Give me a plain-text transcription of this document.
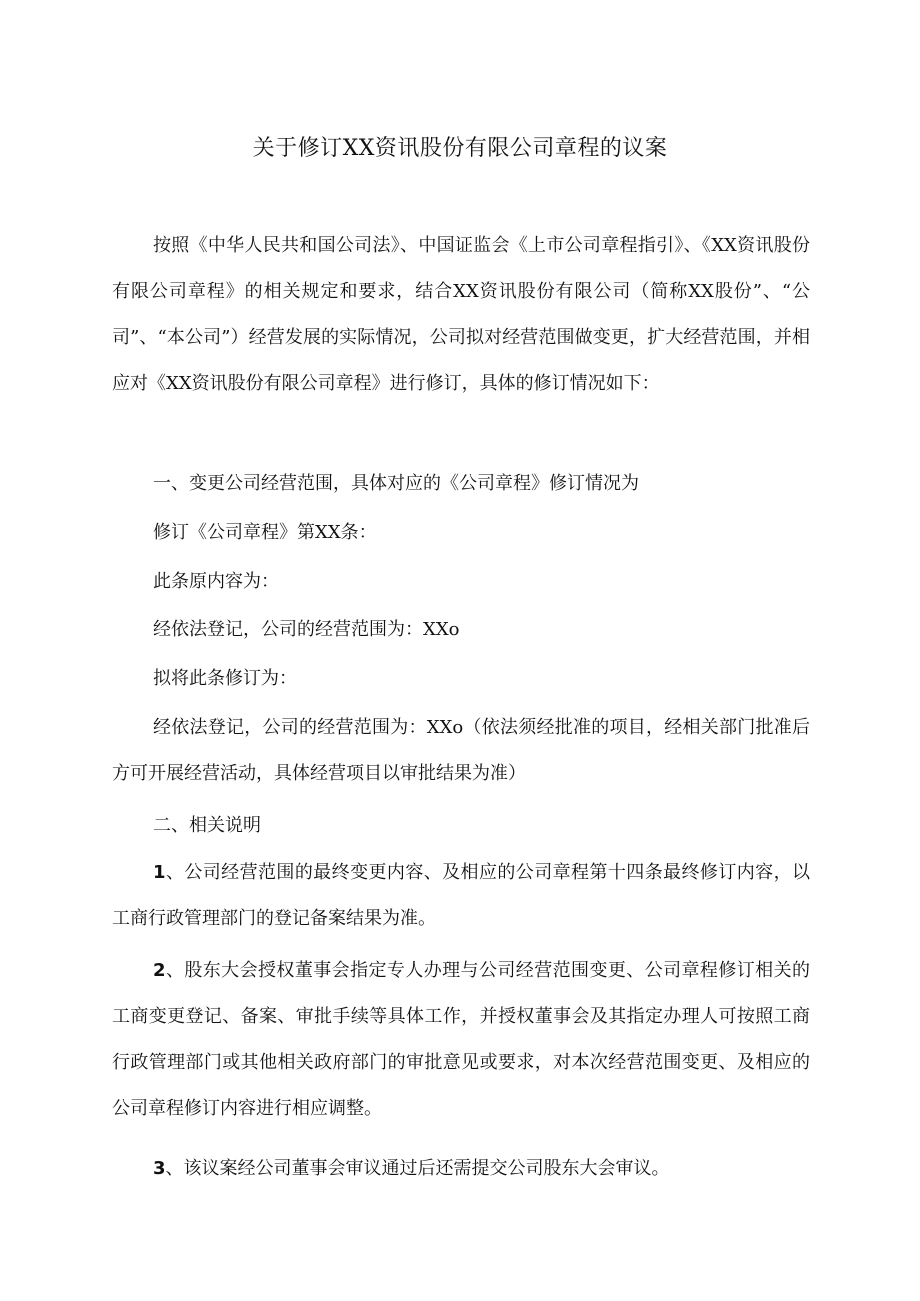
关于修订XX资讯股份有限公司章程的议案

按照《中华人民共和国公司法》、中国证监会《上市公司章程指引》、《XX资讯股份有限公司章程》的相关规定和要求，结合XX资讯股份有限公司（简称XX股份”、“公司”、“本公司”）经营发展的实际情况，公司拟对经营范围做变更，扩大经营范围，并相应对《XX资讯股份有限公司章程》进行修订，具体的修订情况如下：

一、变更公司经营范围，具体对应的《公司章程》修订情况为

修订《公司章程》第XX条：

此条原内容为：

经依法登记，公司的经营范围为：XXo

拟将此条修订为：

经依法登记，公司的经营范围为：XXo（依法须经批准的项目，经相关部门批准后方可开展经营活动，具体经营项目以审批结果为准）

二、相关说明

1、公司经营范围的最终变更内容、及相应的公司章程第十四条最终修订内容，以工商行政管理部门的登记备案结果为准。

2、股东大会授权董事会指定专人办理与公司经营范围变更、公司章程修订相关的工商变更登记、备案、审批手续等具体工作，并授权董事会及其指定办理人可按照工商行政管理部门或其他相关政府部门的审批意见或要求，对本次经营范围变更、及相应的公司章程修订内容进行相应调整。

3、该议案经公司董事会审议通过后还需提交公司股东大会审议。
